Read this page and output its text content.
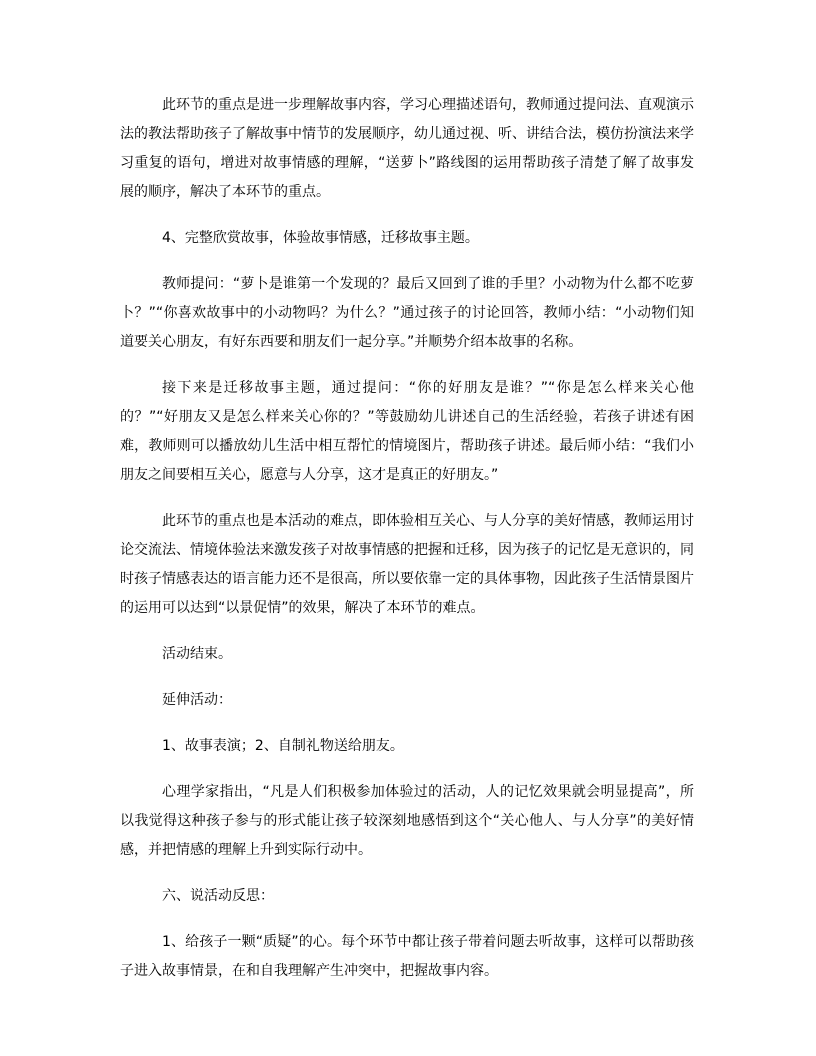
此环节的重点是进一步理解故事内容，学习心理描述语句，教师通过提问法、直观演示法的教法帮助孩子了解故事中情节的发展顺序，幼儿通过视、听、讲结合法，模仿扮演法来学习重复的语句，增进对故事情感的理解，“送萝卜”路线图的运用帮助孩子清楚了解了故事发展的顺序，解决了本环节的重点。

4、完整欣赏故事，体验故事情感，迁移故事主题。

教师提问：“萝卜是谁第一个发现的？最后又回到了谁的手里？小动物为什么都不吃萝卜？”“你喜欢故事中的小动物吗？为什么？”通过孩子的讨论回答，教师小结：“小动物们知道要关心朋友，有好东西要和朋友们一起分享。”并顺势介绍本故事的名称。

接下来是迁移故事主题，通过提问：“你的好朋友是谁？”“你是怎么样来关心他的？”“好朋友又是怎么样来关心你的？”等鼓励幼儿讲述自己的生活经验，若孩子讲述有困难，教师则可以播放幼儿生活中相互帮忙的情境图片，帮助孩子讲述。最后师小结：“我们小朋友之间要相互关心，愿意与人分享，这才是真正的好朋友。”

此环节的重点也是本活动的难点，即体验相互关心、与人分享的美好情感，教师运用讨论交流法、情境体验法来激发孩子对故事情感的把握和迁移，因为孩子的记忆是无意识的，同时孩子情感表达的语言能力还不是很高，所以要依靠一定的具体事物，因此孩子生活情景图片的运用可以达到“以景促情”的效果，解决了本环节的难点。

活动结束。

延伸活动：

1、故事表演；2、自制礼物送给朋友。

心理学家指出，“凡是人们积极参加体验过的活动，人的记忆效果就会明显提高”，所以我觉得这种孩子参与的形式能让孩子较深刻地感悟到这个“关心他人、与人分享”的美好情感，并把情感的理解上升到实际行动中。

六、说活动反思：

1、给孩子一颗“质疑”的心。每个环节中都让孩子带着问题去听故事，这样可以帮助孩子进入故事情景，在和自我理解产生冲突中，把握故事内容。
